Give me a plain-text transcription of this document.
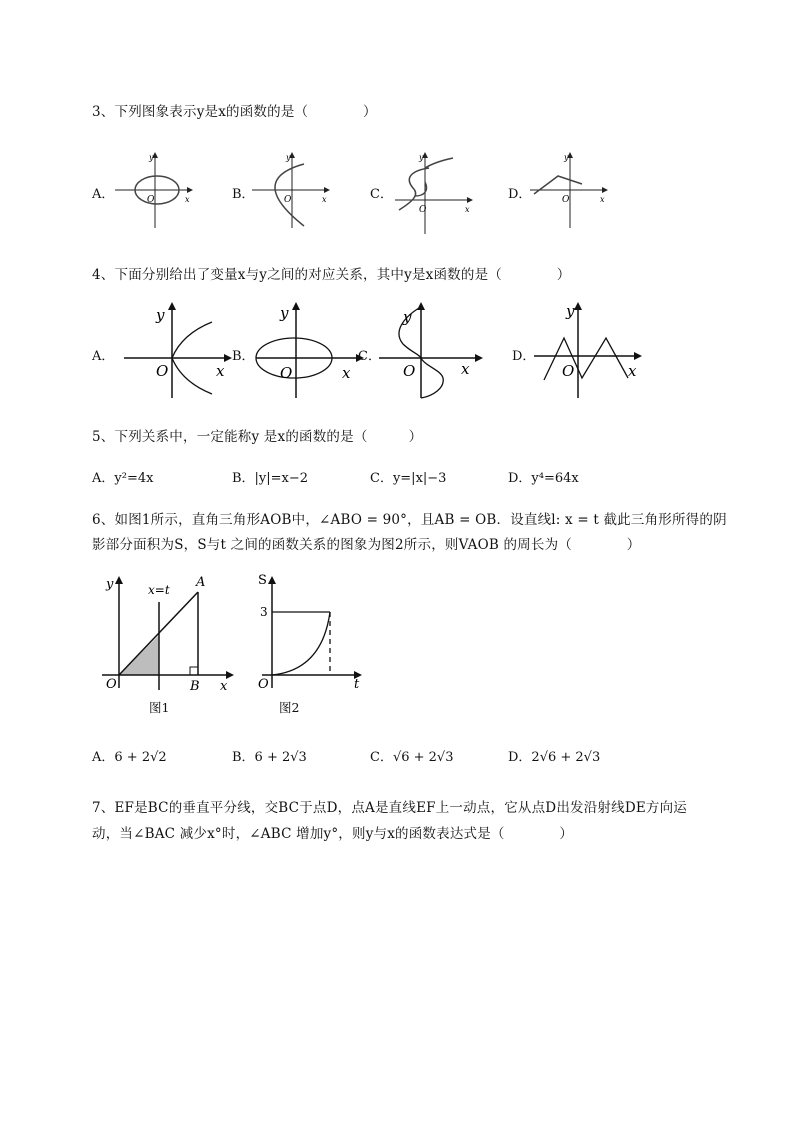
3、下列图象表示y是x的函数的是（　　　　）
A．
y
x
O	B．
y
x
O	C．
y
x
O
D．
y
x
O
4、下面分别给出了变量x与y之间的对应关系，其中y是x函数的是（　　　　）
A．
y
x
O
B．
y
x
O
C．
y
x
O
D．
y
x
O
5、下列关系中，一定能称y 是x的函数的是（　　　）
A．y²=4x	B．|y|=x−2	C．y=|x|−3	D．y⁴=64x
6、如图1所示，直角三角形AOB中，∠ABO = 90°，且AB = OB．设直线l: x = t 截此三角形所得的阴
影部分面积为S，S与t 之间的函数关系的图象为图2所示，则VAOB 的周长为（　　　　）
y	x=t A
O	B x
图1
S
3
O	t
图2
A．6 + 2√2	B．6 + 2√3	C．√6 + 2√3	D．2√6 + 2√3
7、EF是BC的垂直平分线，交BC于点D，点A是直线EF上一动点，它从点D出发沿射线DE方向运
动，当∠BAC 减少x°时，∠ABC 增加y°，则y与x的函数表达式是（　　　　）
